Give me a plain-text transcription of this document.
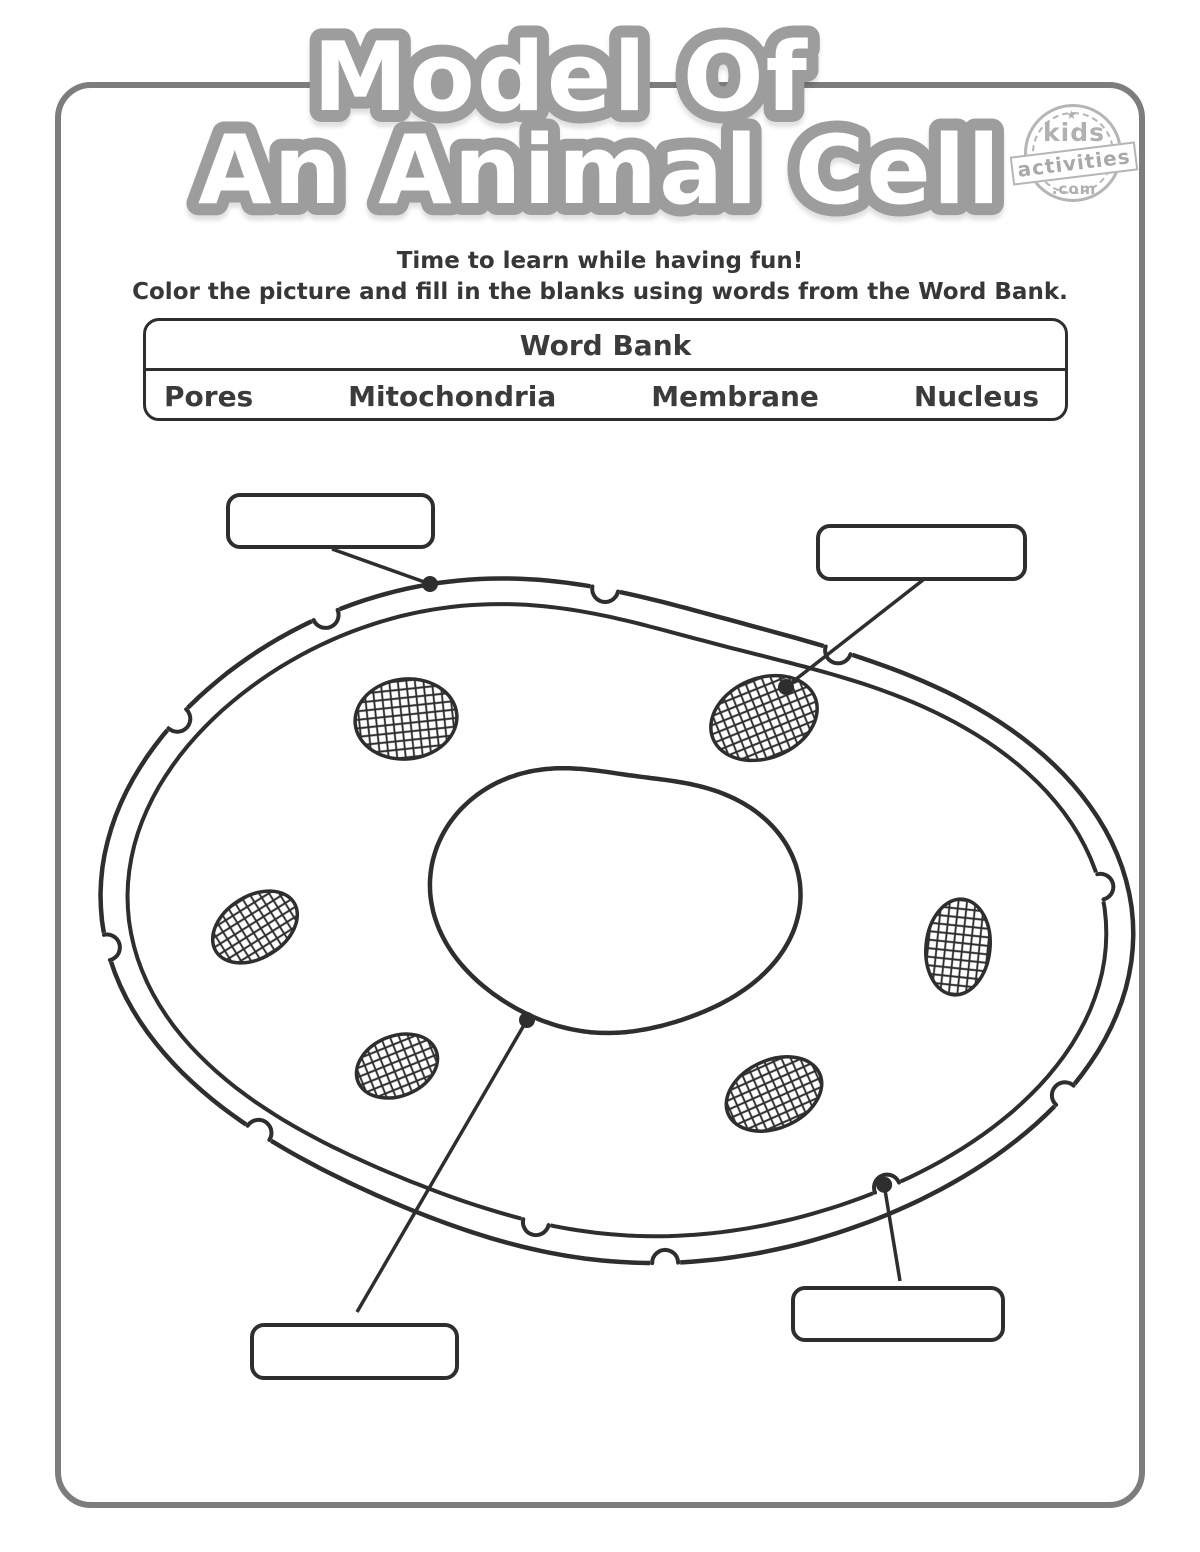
Model Of
An Animal Cell
★
kids
activities
.com
Time to learn while having fun!
Color the picture and fill in the blanks using words from the Word Bank.
Word Bank
Pores	Mitochondria	Membrane	Nucleus
